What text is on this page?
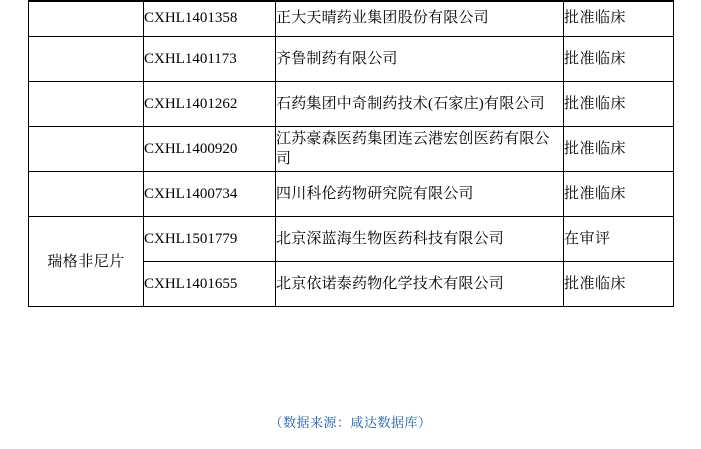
	CXHL1401358	正大天晴药业集团股份有限公司	批准临床
	CXHL1401173	齐鲁制药有限公司	批准临床
	CXHL1401262	石药集团中奇制药技术(石家庄)有限公司	批准临床
	CXHL1400920	江苏豪森医药集团连云港宏创医药有限公司	批准临床
	CXHL1400734	四川科伦药物研究院有限公司	批准临床
瑞格非尼片	CXHL1501779	北京深蓝海生物医药科技有限公司	在审评
	CXHL1401655	北京依诺泰药物化学技术有限公司	批准临床
（数据来源：咸达数据库）
